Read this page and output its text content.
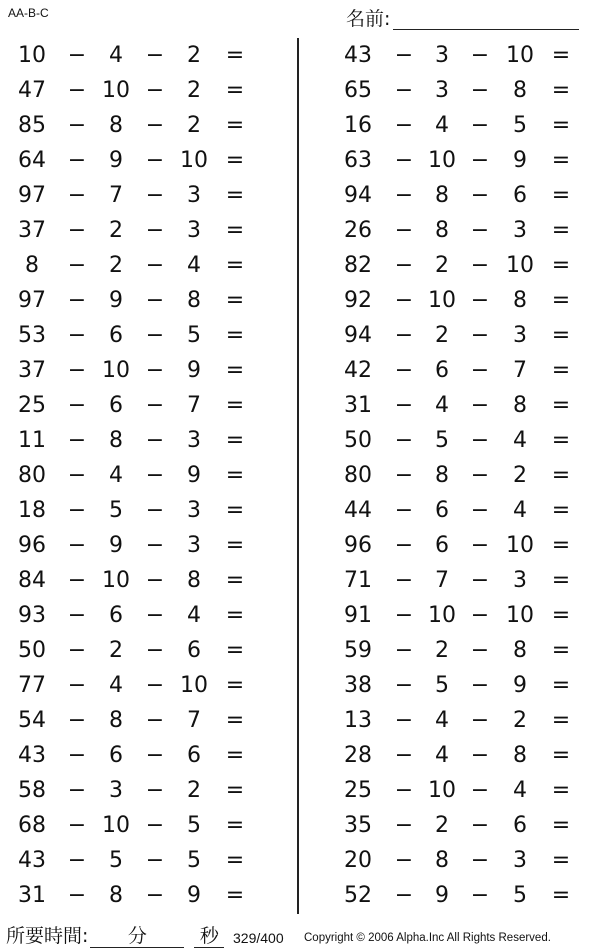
AA-B-C	名前:
10 −	4	−	2	=
47 − 10 −	2	=
85 −	8	−	2	=
64 −	9	− 10 =
97 −	7	−	3	=
37 −	2	−	3	=
8	−	2	−	4	=
97 −	9	−	8	=
53 −	6	−	5	=
37 − 10 −	9	=
25 −	6	−	7	=
11 −	8	−	3	=
80 −	4	−	9	=
18 −	5	−	3	=
96 −	9	−	3	=
84 − 10 −	8	=
93 −	6	−	4	=
50 −	2	−	6	=
77 −	4	− 10 =
54 −	8	−	7	=
43 −	6	−	6	=
58 −	3	−	2	=
68 − 10 −	5	=
43 −	5	−	5	=
31 −	8	−	9	=
43 − 3 − 10 =
65 − 3 −	8	=
16 − 4 −	5	=
63 − 10 −	9	=
94 − 8 −	6	=
26 − 8 −	3	=
82 − 2 − 10 =
92 − 10 −	8	=
94 − 2 −	3	=
42 − 6 −	7	=
31 − 4 −	8	=
50 − 5 −	4	=
80 − 8 −	2	=
44 − 6 −	4	=
96 − 6 − 10 =
71 − 7 −	3	=
91 − 10 − 10 =
59 − 2 −	8	=
38 − 5 −	9	=
13 − 4 −	2	=
28 − 4 −	8	=
25 − 10 −	4	=
35 − 2 −	6	=
20 − 8 −	3	=
52 − 9 −	5	=
所要時間:	分	秒	329/400 Copyright © 2006 Alpha.Inc All Rights Reserved.
